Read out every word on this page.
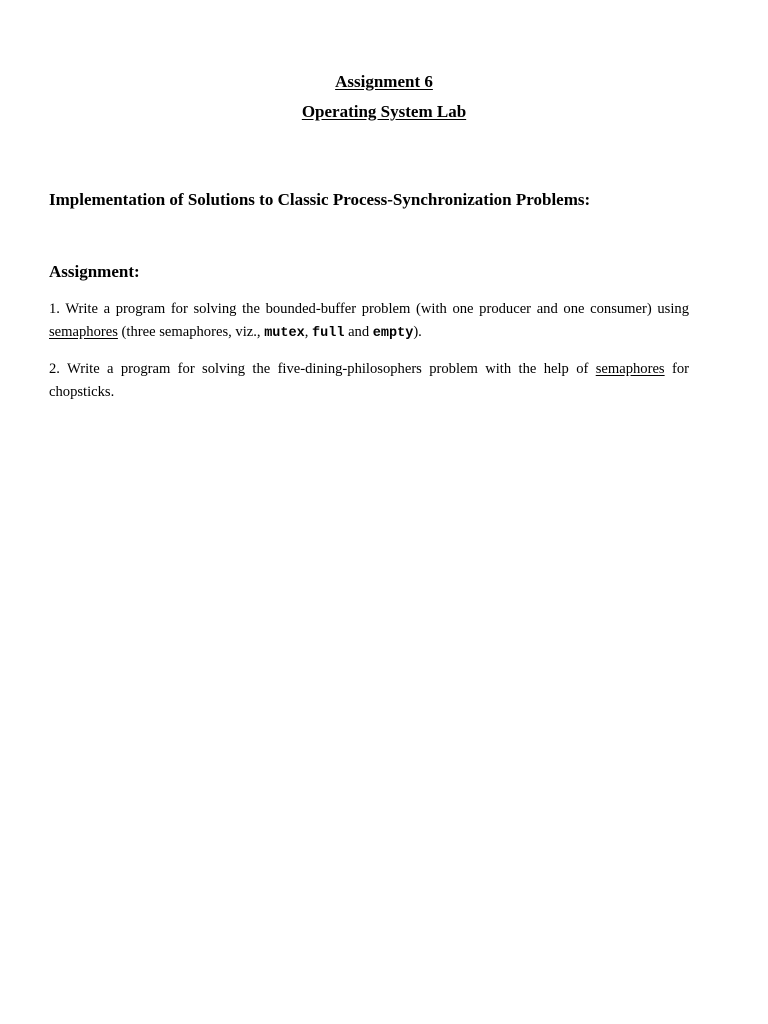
Assignment 6
Operating System Lab
Implementation of Solutions to Classic Process-Synchronization Problems:
Assignment:
1. Write a program for solving the bounded-buffer problem (with one producer and one consumer) using semaphores (three semaphores, viz., mutex, full and empty).
2. Write a program for solving the five-dining-philosophers problem with the help of semaphores for chopsticks.
